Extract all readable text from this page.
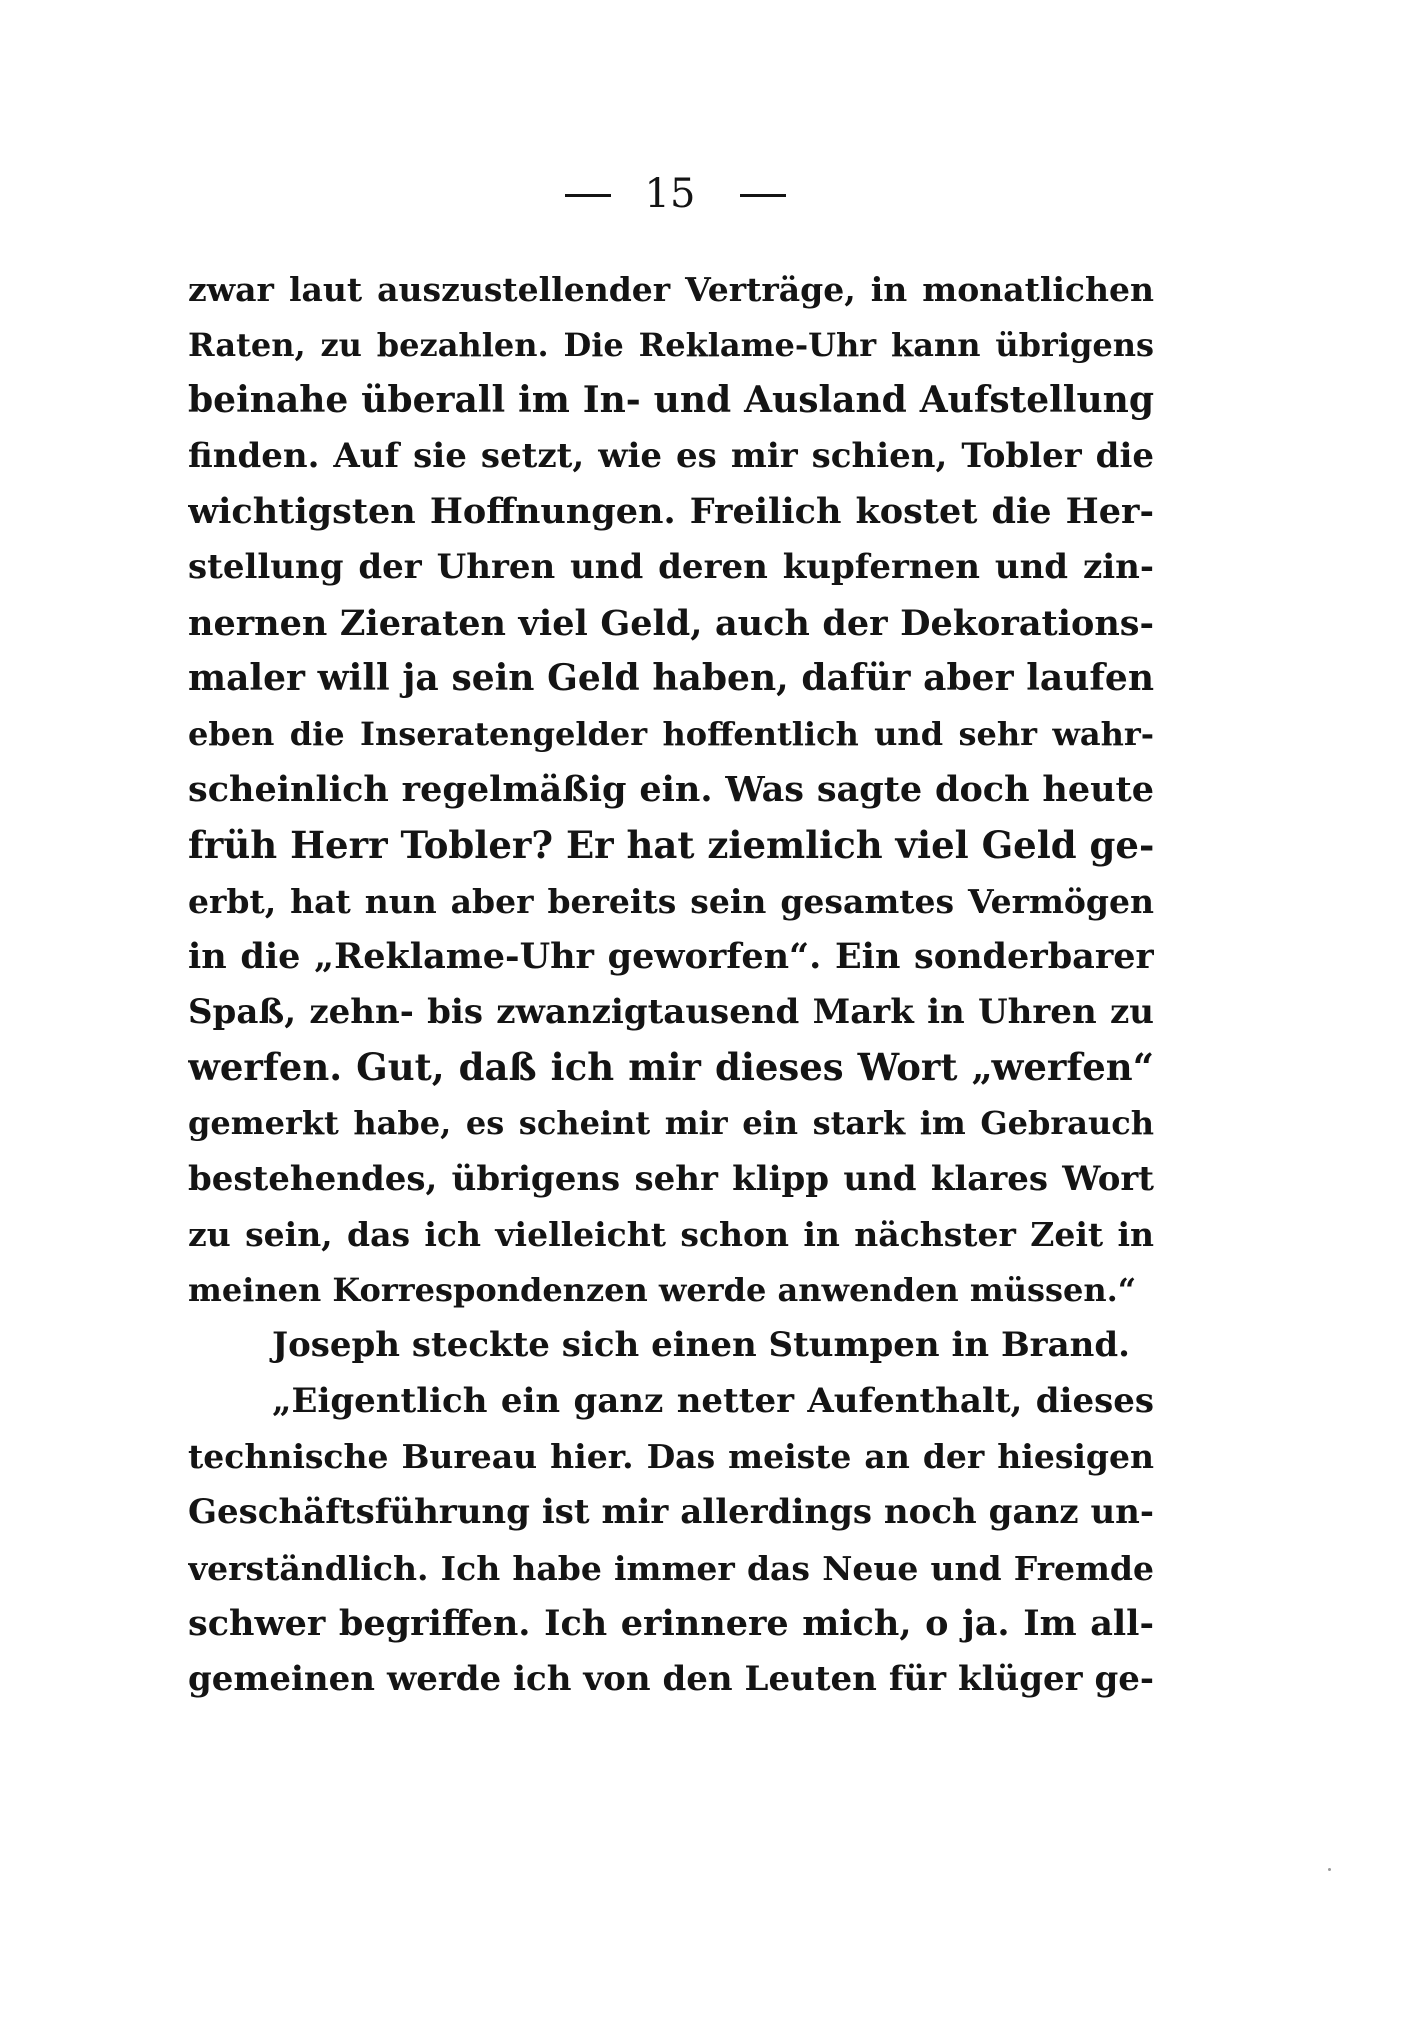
15
zwar laut auszustellender Verträge, in monatlichen
Raten, zu bezahlen. Die Reklame-Uhr kann übrigens
beinahe überall im In- und Ausland Aufstellung
finden. Auf sie setzt, wie es mir schien, Tobler die
wichtigsten Hoffnungen. Freilich kostet die Her-
stellung der Uhren und deren kupfernen und zin-
nernen Zieraten viel Geld, auch der Dekorations-
maler will ja sein Geld haben, dafür aber laufen
eben die Inseratengelder hoffentlich und sehr wahr-
scheinlich regelmäßig ein. Was sagte doch heute
früh Herr Tobler? Er hat ziemlich viel Geld ge-
erbt, hat nun aber bereits sein gesamtes Vermögen
in die „Reklame-Uhr geworfen“. Ein sonderbarer
Spaß, zehn- bis zwanzigtausend Mark in Uhren zu
werfen. Gut, daß ich mir dieses Wort „werfen“
gemerkt habe, es scheint mir ein stark im Gebrauch
bestehendes, übrigens sehr klipp und klares Wort
zu sein, das ich vielleicht schon in nächster Zeit in
meinen Korrespondenzen werde anwenden müssen.“
Joseph steckte sich einen Stumpen in Brand.
„Eigentlich ein ganz netter Aufenthalt, dieses
technische Bureau hier. Das meiste an der hiesigen
Geschäftsführung ist mir allerdings noch ganz un-
verständlich. Ich habe immer das Neue und Fremde
schwer begriffen. Ich erinnere mich, o ja. Im all-
gemeinen werde ich von den Leuten für klüger ge-
